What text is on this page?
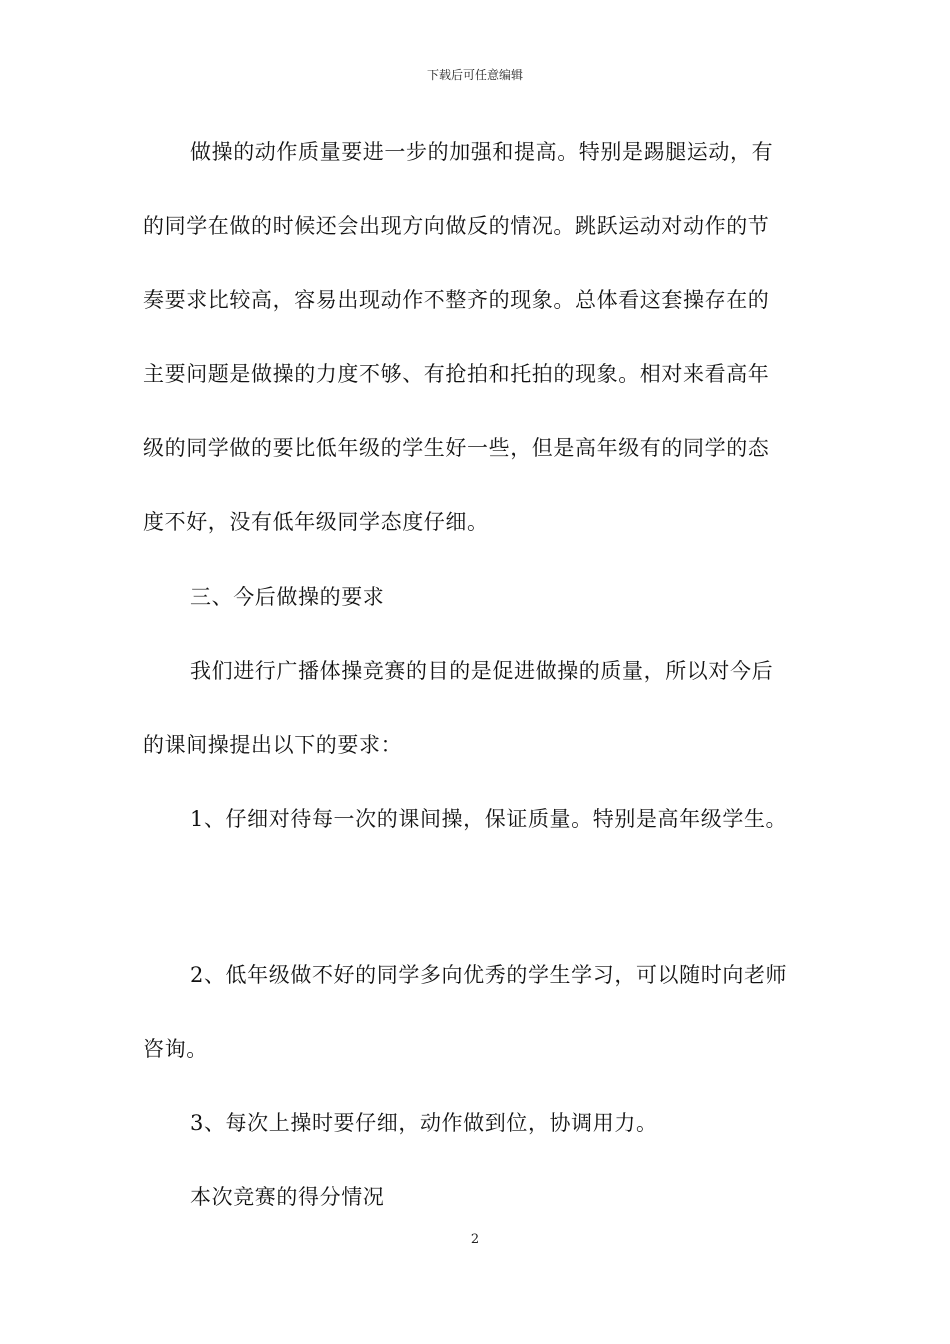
下载后可任意编辑
做操的动作质量要进一步的加强和提高。特别是踢腿运动，有
的同学在做的时候还会出现方向做反的情况。跳跃运动对动作的节
奏要求比较高，容易出现动作不整齐的现象。总体看这套操存在的
主要问题是做操的力度不够、有抢拍和托拍的现象。相对来看高年
级的同学做的要比低年级的学生好一些，但是高年级有的同学的态
度不好，没有低年级同学态度仔细。
三、今后做操的要求
我们进行广播体操竞赛的目的是促进做操的质量，所以对今后
的课间操提出以下的要求：
1、仔细对待每一次的课间操，保证质量。特别是高年级学生。
2、低年级做不好的同学多向优秀的学生学习，可以随时向老师
咨询。
3、每次上操时要仔细，动作做到位，协调用力。
本次竞赛的得分情况
2
